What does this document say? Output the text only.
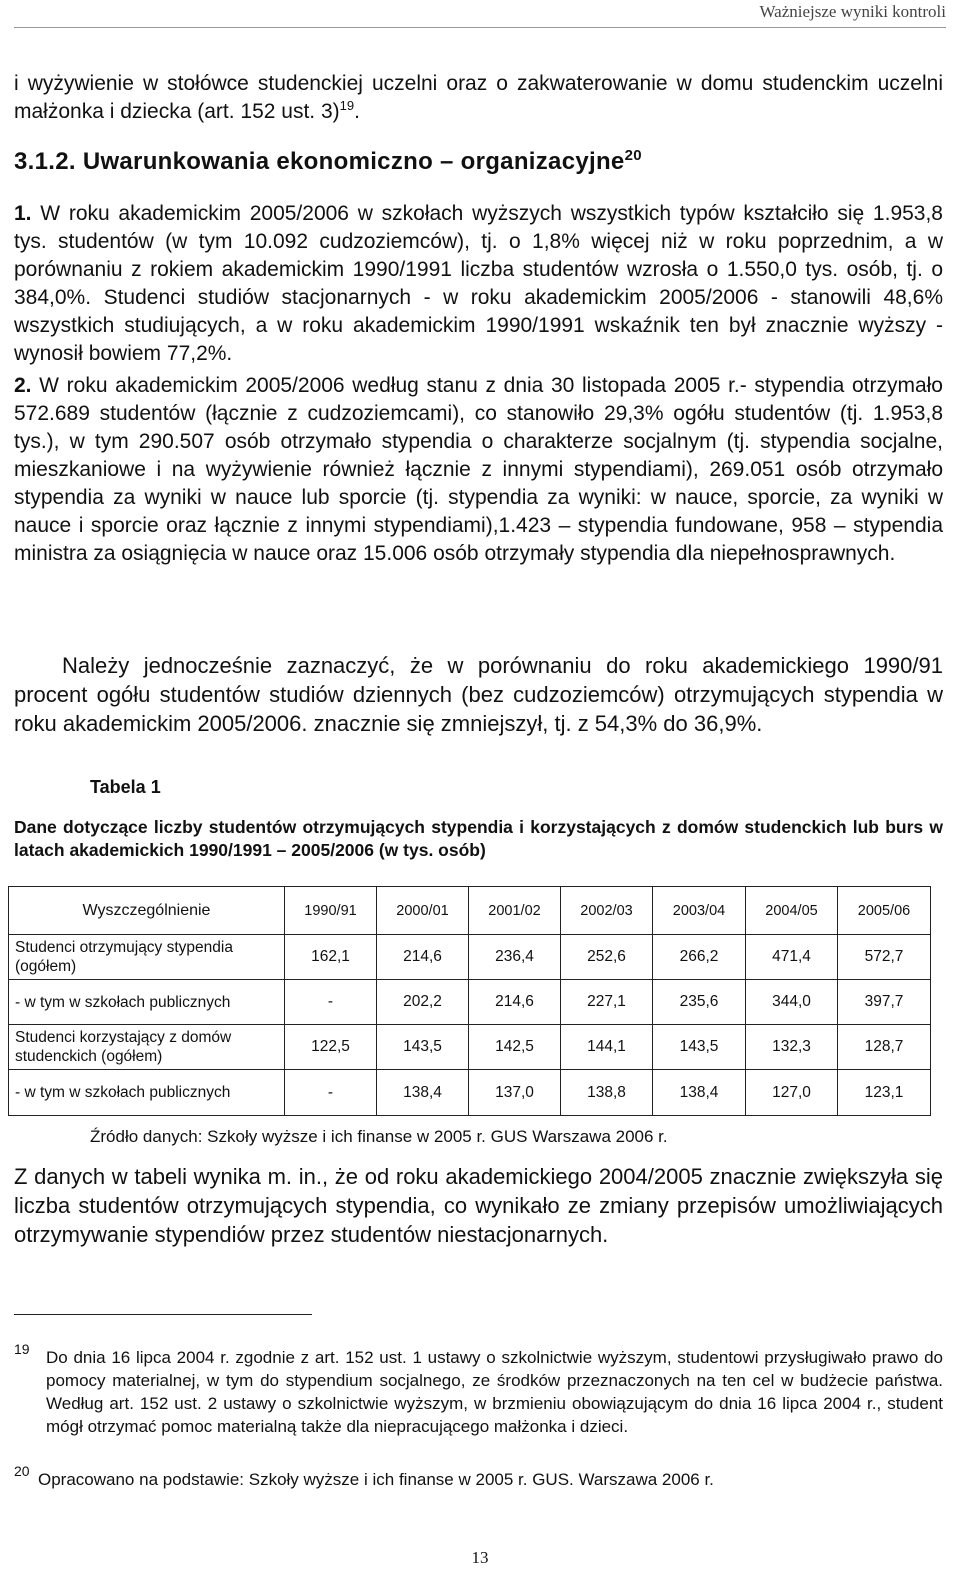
Ważniejsze wyniki kontroli

i wyżywienie w stołówce studenckiej uczelni oraz o zakwaterowanie w domu studenckim uczelni małżonka i dziecka (art. 152 ust. 3)$^{19}$.

3.1.2. Uwarunkowania ekonomiczno – organizacyjne$^{20}$

1. W roku akademickim 2005/2006 w szkołach wyższych wszystkich typów kształciło się 1.953,8 tys. studentów (w tym 10.092 cudzoziemców), tj. o 1,8% więcej niż w roku poprzednim, a w porównaniu z rokiem akademickim 1990/1991 liczba studentów wzrosła o 1.550,0 tys. osób, tj. o 384,0%. Studenci studiów stacjonarnych - w roku akademickim 2005/2006 - stanowili 48,6% wszystkich studiujących, a w roku akademickim 1990/1991 wskaźnik ten był znacznie wyższy - wynosił bowiem 77,2%.

2. W roku akademickim 2005/2006 według stanu z dnia 30 listopada 2005 r.- stypendia otrzymało 572.689 studentów (łącznie z cudzoziemcami), co stanowiło 29,3% ogółu studentów (tj. 1.953,8 tys.), w tym 290.507 osób otrzymało stypendia o charakterze socjalnym (tj. stypendia socjalne, mieszkaniowe i na wyżywienie również łącznie z innymi stypendiami), 269.051 osób otrzymało stypendia za wyniki w nauce lub sporcie (tj. stypendia za wyniki: w nauce, sporcie, za wyniki w nauce i sporcie oraz łącznie z innymi stypendiami),1.423 – stypendia fundowane, 958 – stypendia ministra za osiągnięcia w nauce oraz 15.006 osób otrzymały stypendia dla niepełnosprawnych.

Należy jednocześnie zaznaczyć, że w porównaniu do roku akademickiego 1990/91 procent ogółu studentów studiów dziennych (bez cudzoziemców) otrzymujących stypendia w roku akademickim 2005/2006. znacznie się zmniejszył, tj. z 54,3% do 36,9%.

Tabela 1
Dane dotyczące liczby studentów otrzymujących stypendia i korzystających z domów studenckich lub burs w latach akademickich 1990/1991 – 2005/2006 (w tys. osób)
Wyszczególnienie	1990/91	2000/01	2001/02	2002/03	2003/04	2004/05	2005/06
Studenci otrzymujący stypendia (ogółem)	162,1	214,6	236,4	252,6	266,2	471,4	572,7
- w tym w szkołach publicznych	-	202,2	214,6	227,1	235,6	344,0	397,7
Studenci korzystający z domów studenckich (ogółem)	122,5	143,5	142,5	144,1	143,5	132,3	128,7
- w tym w szkołach publicznych	-	138,4	137,0	138,8	138,4	127,0	123,1
Źródło danych: Szkoły wyższe i ich finanse w 2005 r. GUS Warszawa 2006 r.

Z danych w tabeli wynika m. in., że od roku akademickiego 2004/2005 znacznie zwiększyła się liczba studentów otrzymujących stypendia, co wynikało ze zmiany przepisów umożliwiających otrzymywanie stypendiów przez studentów niestacjonarnych.

19 Do dnia 16 lipca 2004 r. zgodnie z art. 152 ust. 1 ustawy o szkolnictwie wyższym, studentowi przysługiwało prawo do pomocy materialnej, w tym do stypendium socjalnego, ze środków przeznaczonych na ten cel w budżecie państwa. Według art. 152 ust. 2 ustawy o szkolnictwie wyższym, w brzmieniu obowiązującym do dnia 16 lipca 2004 r., student mógł otrzymać pomoc materialną także dla niepracującego małżonka i dzieci.
20 Opracowano na podstawie: Szkoły wyższe i ich finanse w 2005 r. GUS. Warszawa 2006 r.
13
